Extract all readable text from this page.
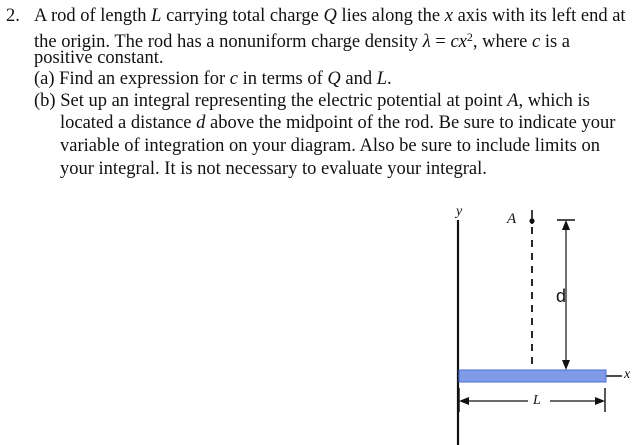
2. A rod of length L carrying total charge Q lies along the x axis with its left end at
the origin. The rod has a nonuniform charge density $\lambda = cx^2$, where c is a
positive constant.
(a) Find an expression for c in terms of Q and L.
(b) Set up an integral representing the electric potential at point A, which is
located a distance d above the midpoint of the rod. Be sure to indicate your
variable of integration on your diagram. Also be sure to include limits on
your integral. It is not necessary to evaluate your integral.
y	A
d
x
L
